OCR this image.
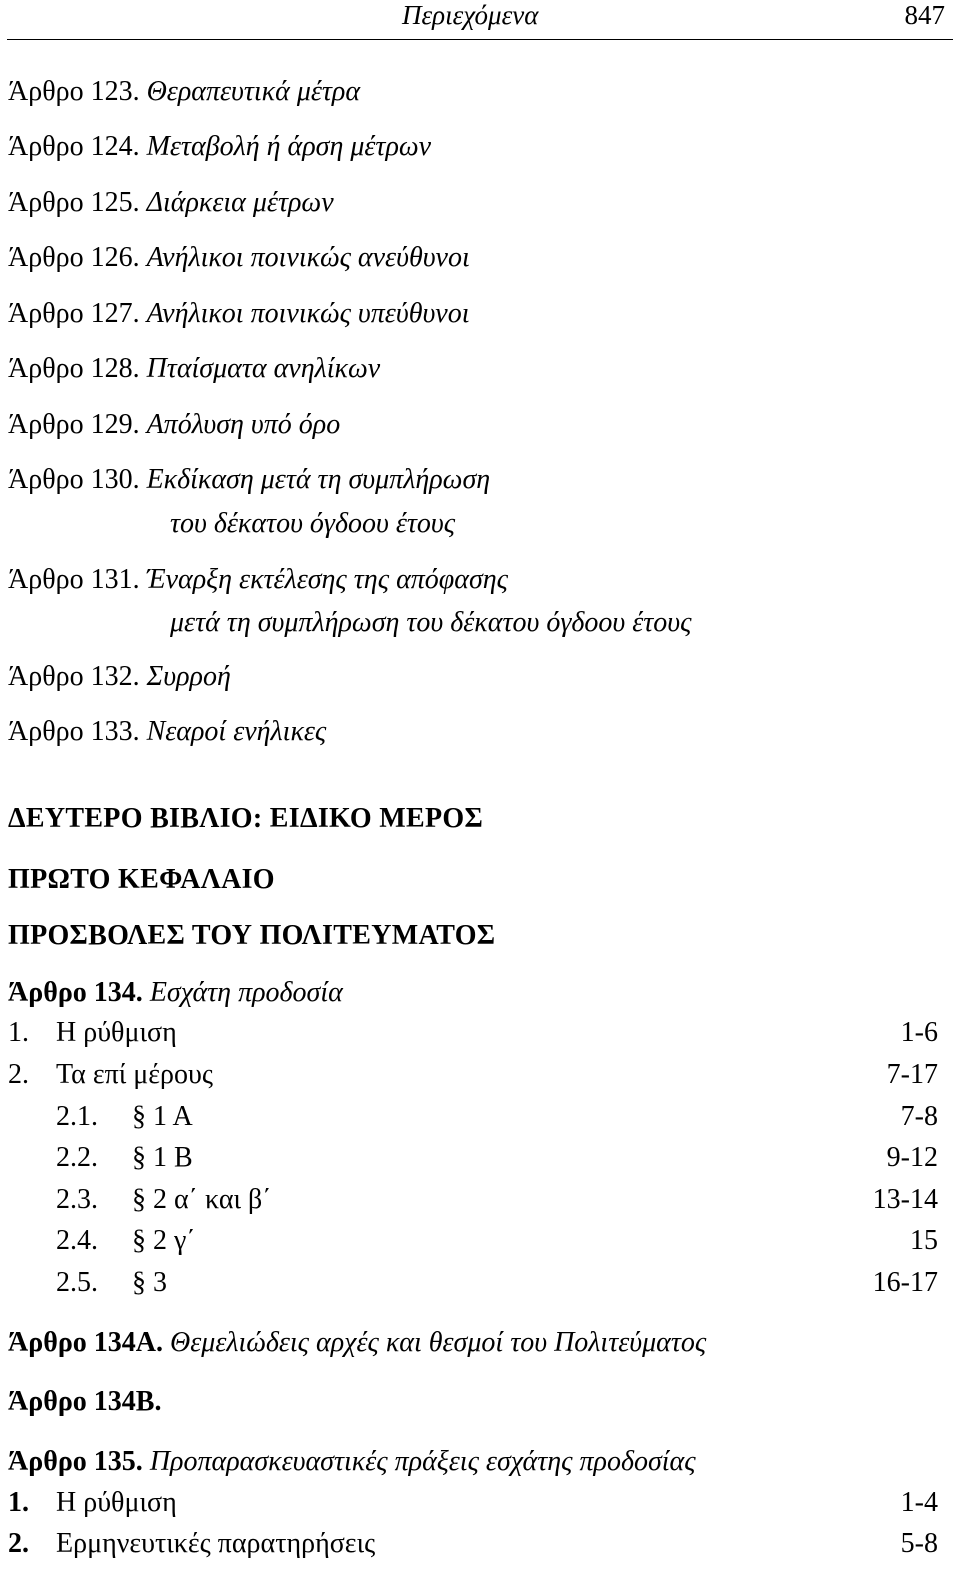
Περιεχόμενα	847
Άρθρο 123. Θεραπευτικά μέτρα
Άρθρο 124. Μεταβολή ή άρση μέτρων
Άρθρο 125. Διάρκεια μέτρων
Άρθρο 126. Ανήλικοι ποινικώς ανεύθυνοι
Άρθρο 127. Ανήλικοι ποινικώς υπεύθυνοι
Άρθρο 128. Πταίσματα ανηλίκων
Άρθρο 129. Απόλυση υπό όρο
Άρθρο 130. Εκδίκαση μετά τη συμπλήρωση
του δέκατου όγδοου έτους
Άρθρο 131. Έναρξη εκτέλεσης της απόφασης
μετά τη συμπλήρωση του δέκατου όγδοου έτους
Άρθρο 132. Συρροή
Άρθρο 133. Νεαροί ενήλικες
ΔΕΥΤΕΡΟ ΒΙΒΛΙΟ: ΕΙΔΙΚΟ ΜΕΡΟΣ
ΠΡΩΤΟ ΚΕΦΑΛΑΙΟ
ΠΡΟΣΒΟΛΕΣ ΤΟΥ ΠΟΛΙΤΕΥΜΑΤΟΣ
Άρθρο 134. Εσχάτη προδοσία
1. Η ρύθμιση	1-6
2. Τα επί μέρους	7-17
2.1. § 1 Α	7-8
2.2. § 1 Β	9-12
2.3. § 2 α΄ και β΄	13-14
2.4. § 2 γ΄	15
2.5. § 3	16-17
Άρθρο 134Α. Θεμελιώδεις αρχές και θεσμοί του Πολιτεύματος
Άρθρο 134Β.
Άρθρο 135. Προπαρασκευαστικές πράξεις εσχάτης προδοσίας
1. Η ρύθμιση	1-4
2. Ερμηνευτικές παρατηρήσεις	5-8
